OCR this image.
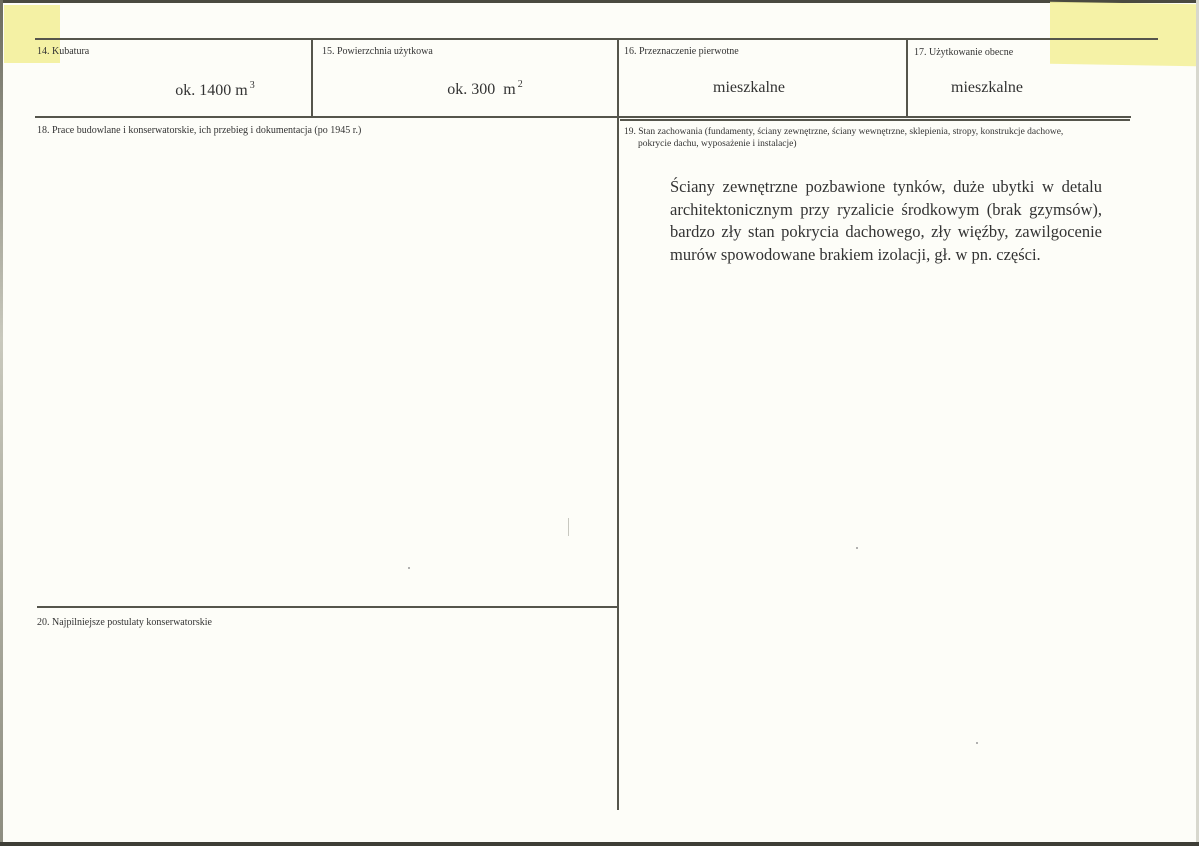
14. Kubatura
ok. 1400 m $^3$
15. Powierzchnia użytkowa
ok. 300  m $^2$
16. Przeznaczenie pierwotne
mieszkalne
17. Użytkowanie obecne
mieszkalne
18. Prace budowlane i konserwatorskie, ich przebieg i dokumentacja (po 1945 r.)	19. Stan zachowania (fundamenty, ściany zewnętrzne, ściany wewnętrzne, sklepienia, stropy, konstrukcje dachowe,
pokrycie dachu, wyposażenie i instalacje)
Ściany zewnętrzne pozbawione tynków, duże ubytki w detalu architektonicznym przy ryzalicie środkowym (brak gzymsów), bardzo zły stan pokrycia dachowego, zły więźby, zawilgocenie murów spowodowane brakiem izolacji, gł. w pn. części.
20. Najpilniejsze postulaty konserwatorskie
